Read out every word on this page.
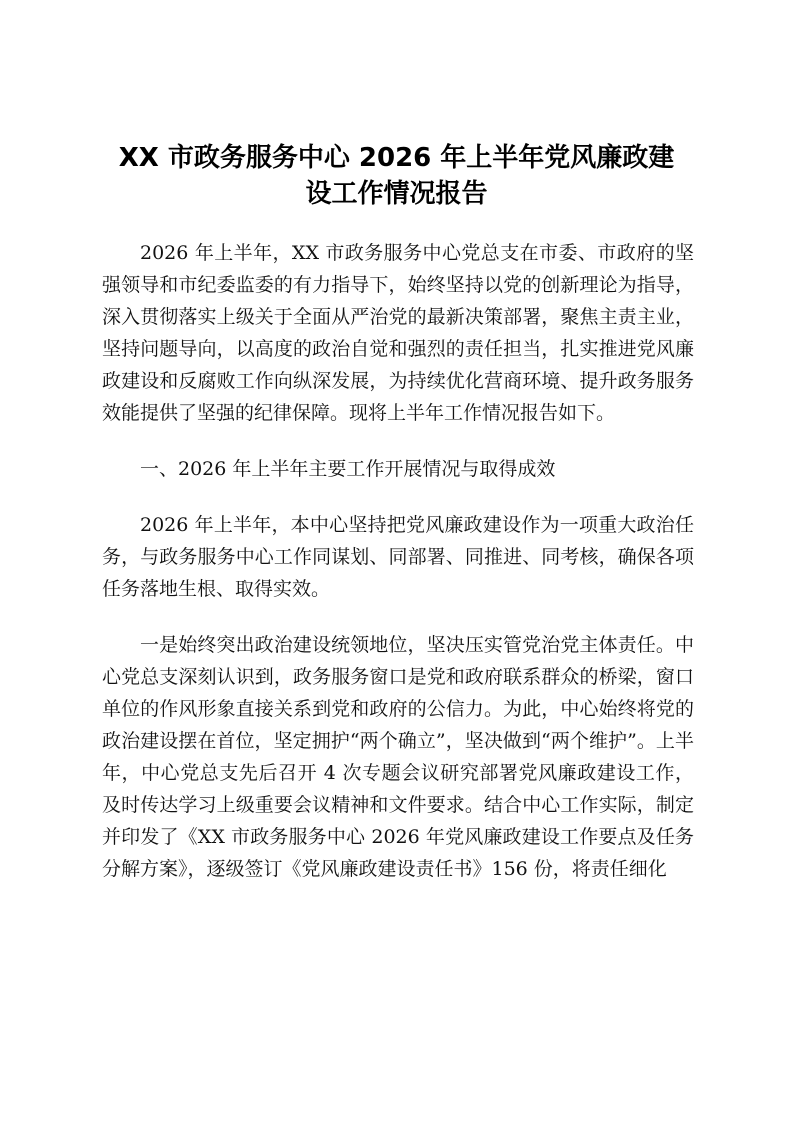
XX 市政务服务中心 2026 年上半年党风廉政建
设工作情况报告

2026 年上半年，XX 市政务服务中心党总支在市委、市政府的坚强领导和市纪委监委的有力指导下，始终坚持以党的创新理论为指导，深入贯彻落实上级关于全面从严治党的最新决策部署，聚焦主责主业，坚持问题导向，以高度的政治自觉和强烈的责任担当，扎实推进党风廉政建设和反腐败工作向纵深发展，为持续优化营商环境、提升政务服务效能提供了坚强的纪律保障。现将上半年工作情况报告如下。

一、2026 年上半年主要工作开展情况与取得成效

2026 年上半年，本中心坚持把党风廉政建设作为一项重大政治任务，与政务服务中心工作同谋划、同部署、同推进、同考核，确保各项任务落地生根、取得实效。

一是始终突出政治建设统领地位，坚决压实管党治党主体责任。中心党总支深刻认识到，政务服务窗口是党和政府联系群众的桥梁，窗口单位的作风形象直接关系到党和政府的公信力。为此，中心始终将党的政治建设摆在首位，坚定拥护“两个确立”，坚决做到“两个维护”。上半年，中心党总支先后召开 4 次专题会议研究部署党风廉政建设工作，及时传达学习上级重要会议精神和文件要求。结合中心工作实际，制定并印发了《XX 市政务服务中心 2026 年党风廉政建设工作要点及任务分解方案》，逐级签订《党风廉政建设责任书》156 份，将责任细化
